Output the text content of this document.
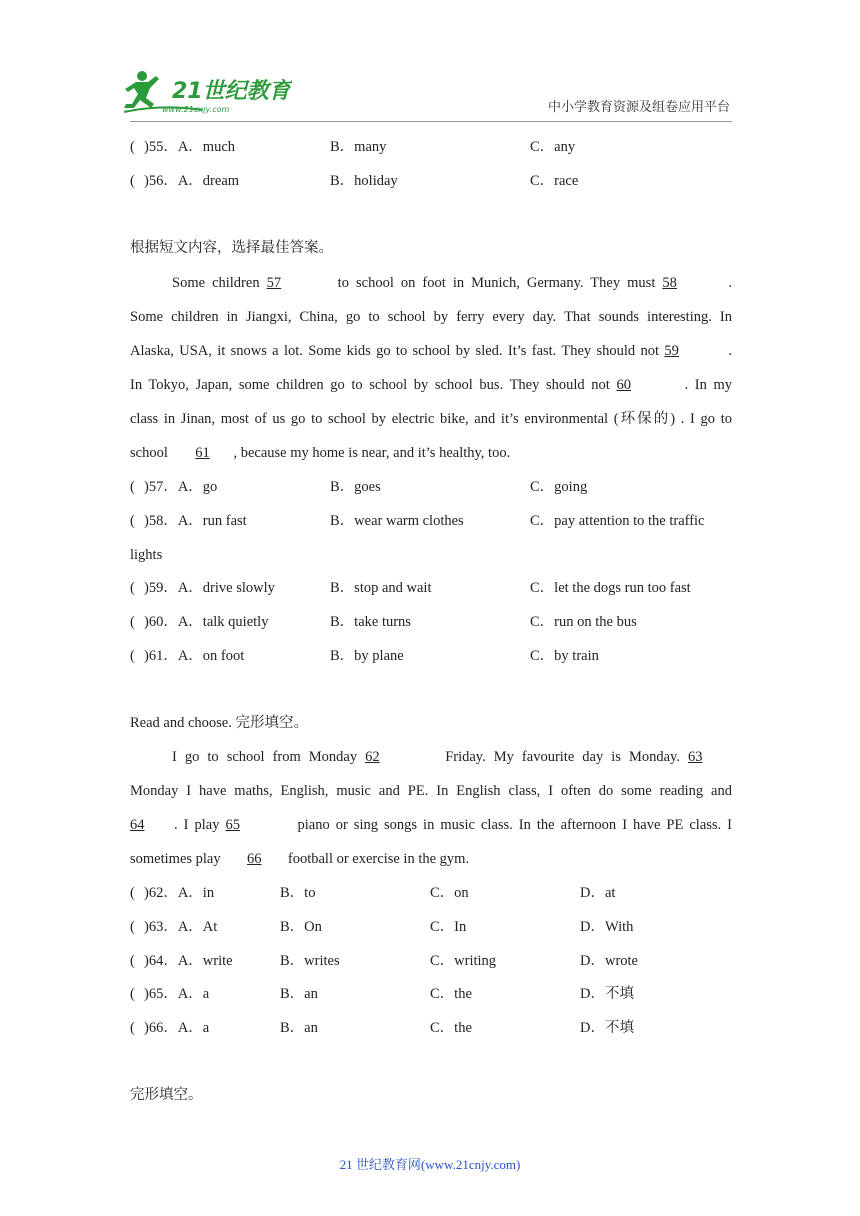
21世纪教育
www.21cnjy.com	中小学教育资源及组卷应用平台
( )55．A．much	B．many	C．any
( )56．A．dream	B．holiday	C．race
根据短文内容，选择最佳答案。
Some children 57	to school on foot in Munich, Germany. They must 58	.
Some children in Jiangxi, China, go to school by ferry every day. That sounds interesting. In
Alaska, USA, it snows a lot. Some kids go to school by sled. It’s fast. They should not 59	.
In Tokyo, Japan, some children go to school by school bus. They should not 60	. In my
class in Jinan, most of us go to school by electric bike, and it’s environmental (环保的) . I go to
school 61 , because my home is near, and it’s healthy, too.
( )57．A．go	B．goes	C．going
( )58．A．run fast	B．wear warm clothes	C．pay attention to the traffic
lights
( )59．A．drive slowly	B．stop and wait	C．let the dogs run too fast
( )60．A．talk quietly	B．take turns	C．run on the bus
( )61．A．on foot	B．by plane	C．by train
Read and choose. 完形填空。
I go to school from Monday 62	Friday. My favourite day is Monday. 63
Monday I have maths, English, music and PE. In English class, I often do some reading and
64 . I play 65	piano or sing songs in music class. In the afternoon I have PE class. I
sometimes play 66 football or exercise in the gym.
( )62．A．in	B．to	C．on	D．at
( )63．A．At	B．On	C．In	D．With
( )64．A．write	B．writes	C．writing	D．wrote
( )65．A．a	B．an	C．the	D．不填
( )66．A．a	B．an	C．the	D．不填
完形填空。
21 世纪教育网(www.21cnjy.com)
